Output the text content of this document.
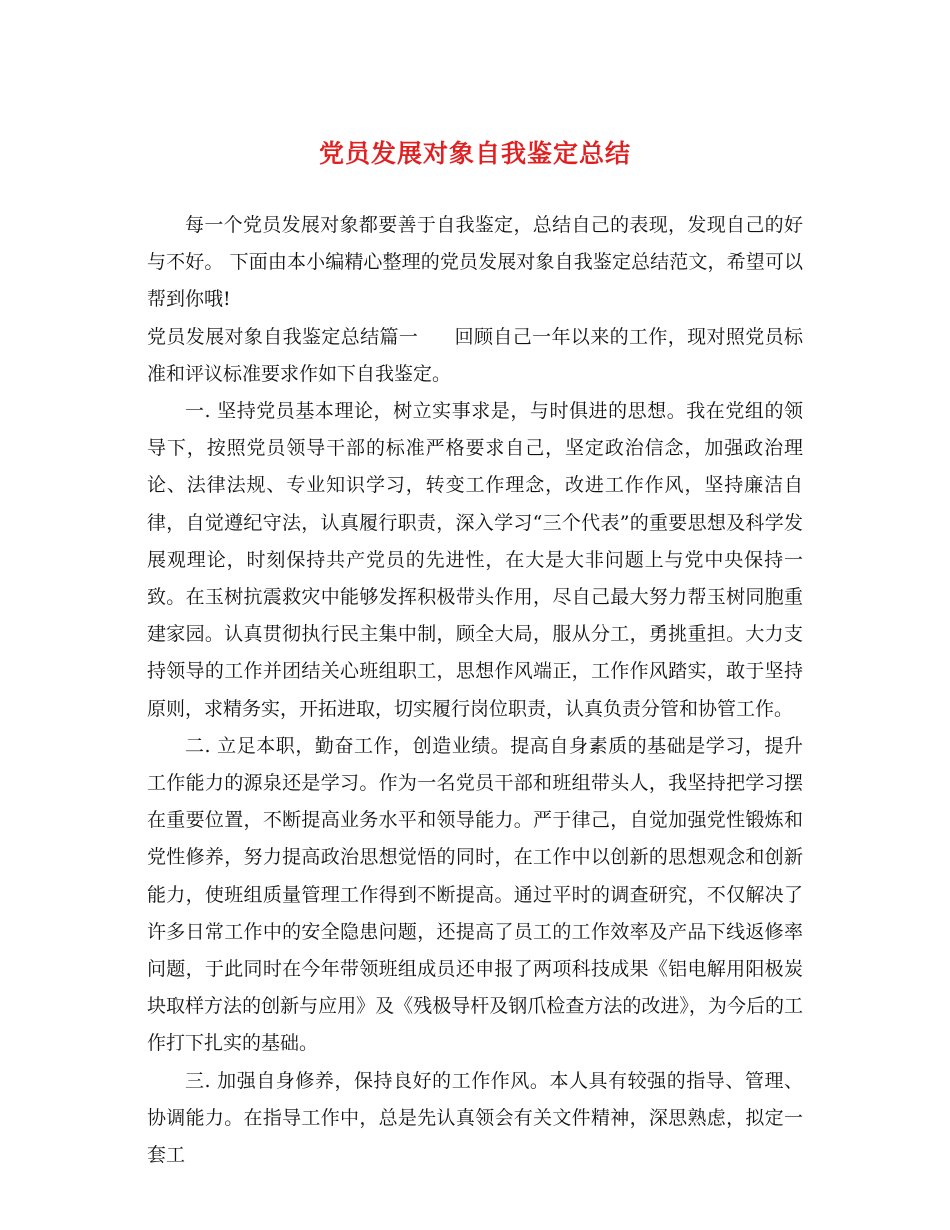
党员发展对象自我鉴定总结

每一个党员发展对象都要善于自我鉴定，总结自己的表现，发现自己的好与不好。 下面由本小编精心整理的党员发展对象自我鉴定总结范文，希望可以帮到你哦!

党员发展对象自我鉴定总结篇一 回顾自己一年以来的工作，现对照党员标准和评议标准要求作如下自我鉴定。

一. 坚持党员基本理论，树立实事求是，与时俱进的思想。我在党组的领导下，按照党员领导干部的标准严格要求自己，坚定政治信念，加强政治理论、法律法规、专业知识学习，转变工作理念，改进工作作风，坚持廉洁自律，自觉遵纪守法，认真履行职责，深入学习“三个代表”的重要思想及科学发展观理论，时刻保持共产党员的先进性，在大是大非问题上与党中央保持一致。在玉树抗震救灾中能够发挥积极带头作用，尽自己最大努力帮玉树同胞重建家园。认真贯彻执行民主集中制，顾全大局，服从分工，勇挑重担。大力支持领导的工作并团结关心班组职工，思想作风端正，工作作风踏实，敢于坚持原则，求精务实，开拓进取，切实履行岗位职责，认真负责分管和协管工作。

二. 立足本职，勤奋工作，创造业绩。提高自身素质的基础是学习，提升工作能力的源泉还是学习。作为一名党员干部和班组带头人，我坚持把学习摆在重要位置，不断提高业务水平和领导能力。严于律己，自觉加强党性锻炼和党性修养，努力提高政治思想觉悟的同时，在工作中以创新的思想观念和创新能力，使班组质量管理工作得到不断提高。通过平时的调查研究，不仅解决了许多日常工作中的安全隐患问题，还提高了员工的工作效率及产品下线返修率问题，于此同时在今年带领班组成员还申报了两项科技成果《铝电解用阳极炭块取样方法的创新与应用》及《残极导杆及钢爪检查方法的改进》，为今后的工作打下扎实的基础。

三. 加强自身修养，保持良好的工作作风。本人具有较强的指导、管理、协调能力。在指导工作中，总是先认真领会有关文件精神，深思熟虑，拟定一套工
